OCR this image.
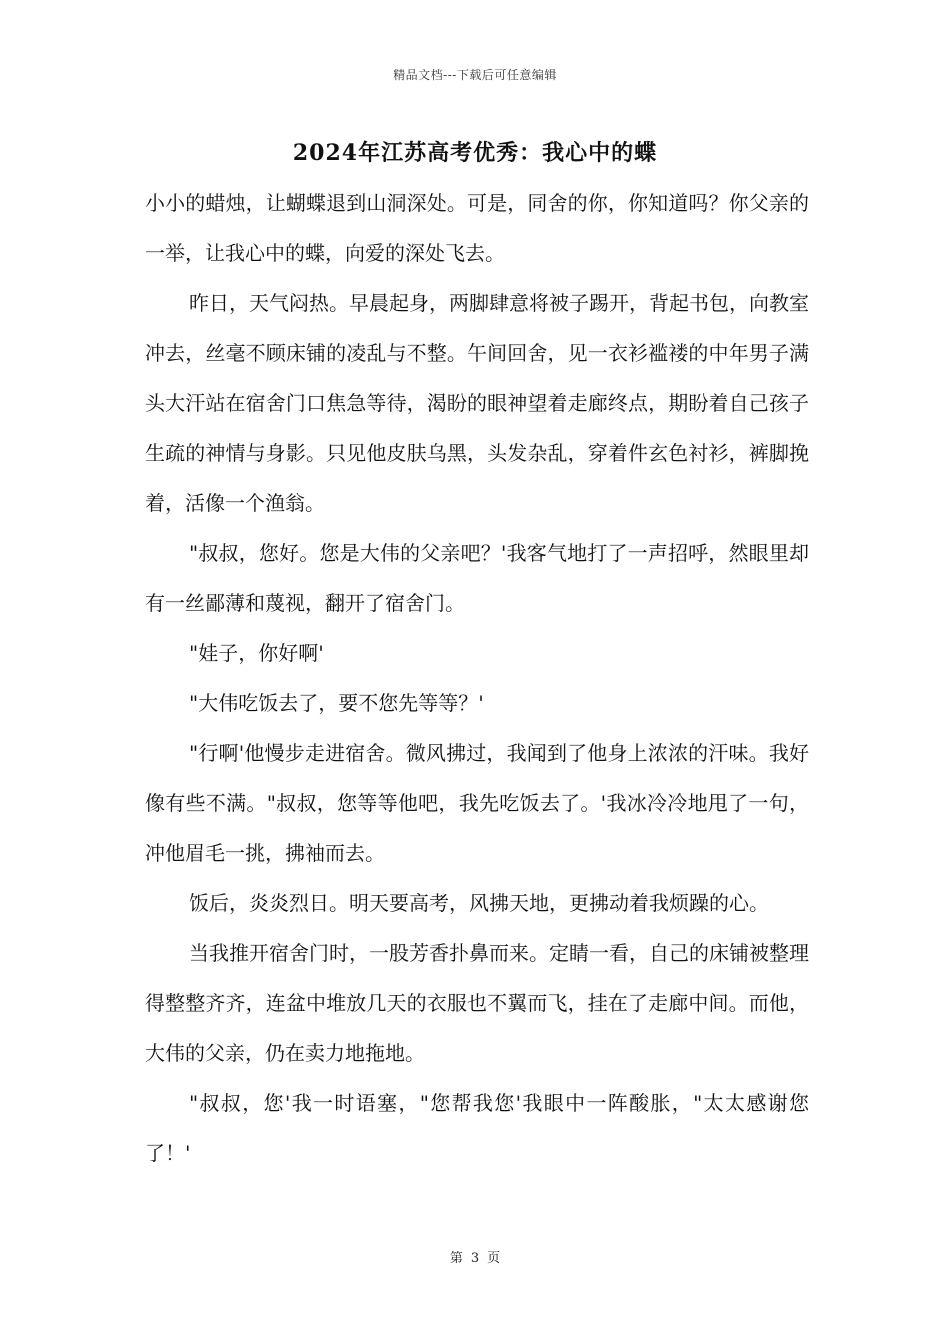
精品文档---下载后可任意编辑
2024年江苏高考优秀：我心中的蝶

小小的蜡烛，让蝴蝶退到山洞深处。可是，同舍的你，你知道吗？你父亲的一举，让我心中的蝶，向爱的深处飞去。

昨日，天气闷热。早晨起身，两脚肆意将被子踢开，背起书包，向教室冲去，丝毫不顾床铺的凌乱与不整。午间回舍，见一衣衫褴褛的中年男子满头大汗站在宿舍门口焦急等待，渴盼的眼神望着走廊终点，期盼着自己孩子生疏的神情与身影。只见他皮肤乌黑，头发杂乱，穿着件玄色衬衫，裤脚挽着，活像一个渔翁。

"叔叔，您好。您是大伟的父亲吧？'我客气地打了一声招呼，然眼里却有一丝鄙薄和蔑视，翻开了宿舍门。

"娃子，你好啊'

"大伟吃饭去了，要不您先等等？'

"行啊'他慢步走进宿舍。微风拂过，我闻到了他身上浓浓的汗味。我好像有些不满。"叔叔，您等等他吧，我先吃饭去了。'我冰冷冷地甩了一句，冲他眉毛一挑，拂袖而去。

饭后，炎炎烈日。明天要高考，风拂天地，更拂动着我烦躁的心。

当我推开宿舍门时，一股芳香扑鼻而来。定睛一看，自己的床铺被整理得整整齐齐，连盆中堆放几天的衣服也不翼而飞，挂在了走廊中间。而他，大伟的父亲，仍在卖力地拖地。

"叔叔，您'我一时语塞，"您帮我您'我眼中一阵酸胀，"太太感谢您了！'

第 3 页
